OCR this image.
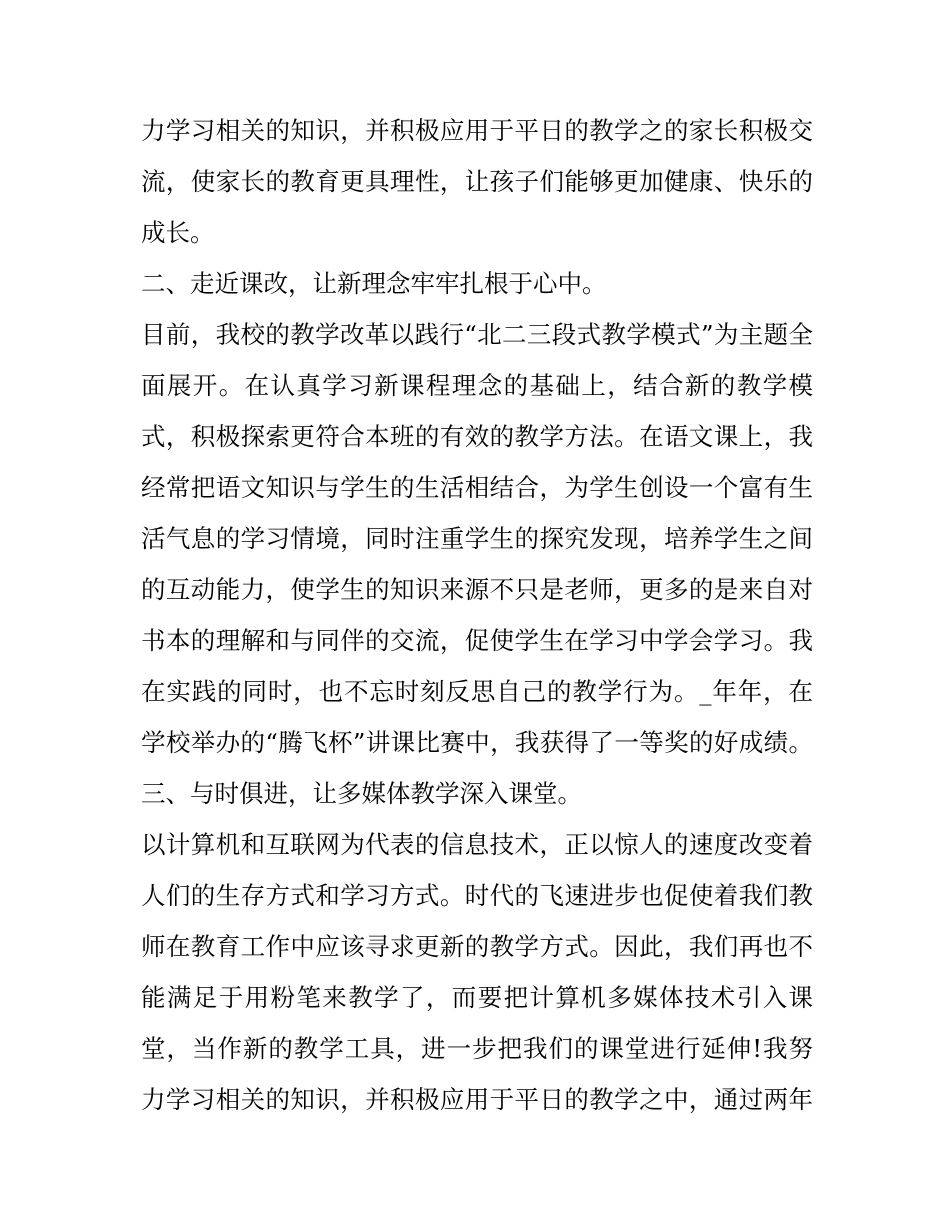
力学习相关的知识，并积极应用于平日的教学之的家长积极交
流，使家长的教育更具理性，让孩子们能够更加健康、快乐的
成长。
二、走近课改，让新理念牢牢扎根于心中。
目前，我校的教学改革以践行“北二三段式教学模式”为主题全
面展开。在认真学习新课程理念的基础上，结合新的教学模
式，积极探索更符合本班的有效的教学方法。在语文课上，我
经常把语文知识与学生的生活相结合，为学生创设一个富有生
活气息的学习情境，同时注重学生的探究发现，培养学生之间
的互动能力，使学生的知识来源不只是老师，更多的是来自对
书本的理解和与同伴的交流，促使学生在学习中学会学习。我
在实践的同时，也不忘时刻反思自己的教学行为。_年年，在
学校举办的“腾飞杯”讲课比赛中，我获得了一等奖的好成绩。
三、与时俱进，让多媒体教学深入课堂。
以计算机和互联网为代表的信息技术，正以惊人的速度改变着
人们的生存方式和学习方式。时代的飞速进步也促使着我们教
师在教育工作中应该寻求更新的教学方式。因此，我们再也不
能满足于用粉笔来教学了，而要把计算机多媒体技术引入课
堂，当作新的教学工具，进一步把我们的课堂进行延伸!我努
力学习相关的知识，并积极应用于平日的教学之中，通过两年
